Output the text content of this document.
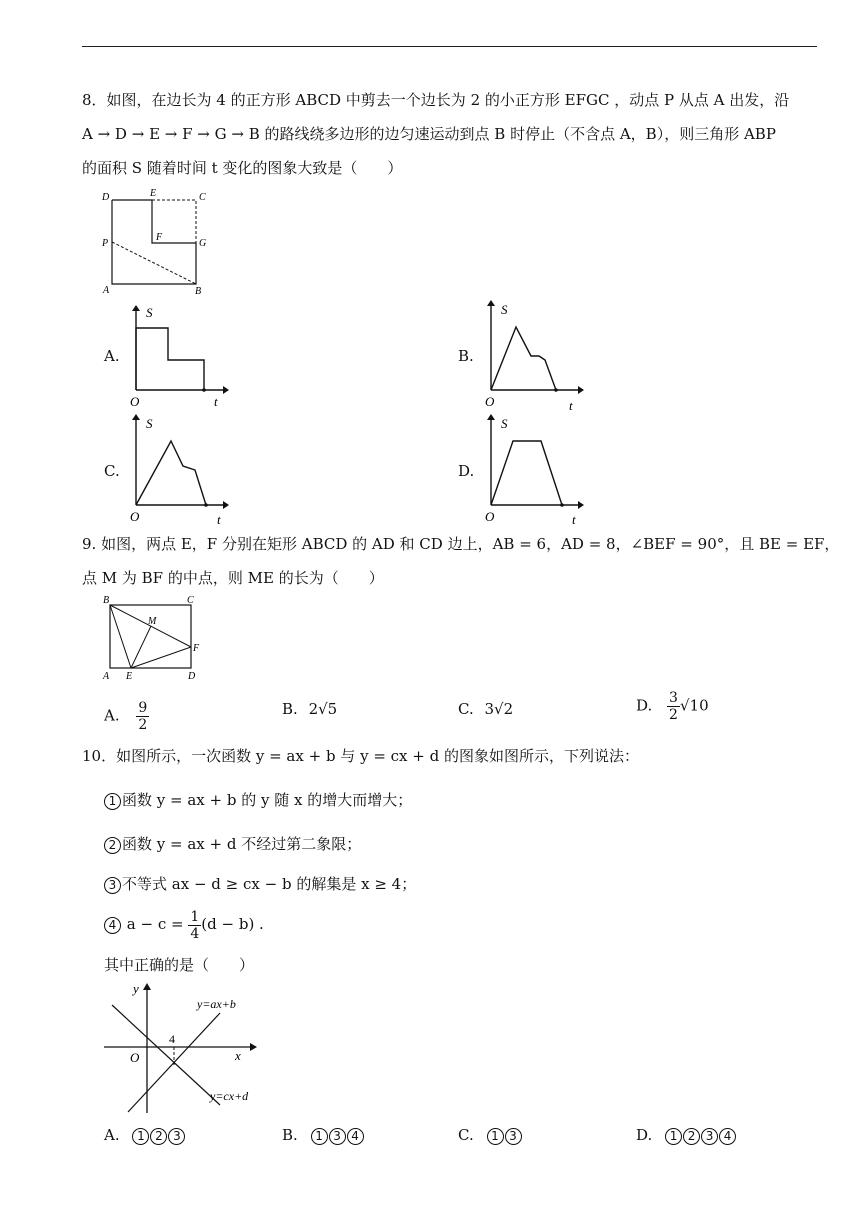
8．如图，在边长为 4 的正方形 ABCD 中剪去一个边长为 2 的小正方形 EFGC ，动点 P 从点 A 出发，沿
A → D → E → F → G → B 的路线绕多边形的边匀速运动到点 B 时停止（不含点 A，B），则三角形 ABP
的面积 S 随着时间 t 变化的图象大致是（　　）
D	E	C
P
F
G
A	B
A.
S
O	t
B.
S
O	t
C.
S
O	t
D.
S
O	t
9. 如图，两点 E，F 分别在矩形 ABCD 的 AD 和 CD 边上，AB = 6，AD = 8，∠BEF = 90°，且 BE = EF，
点 M 为 BF 的中点，则 ME 的长为（　　）
B	C
M
F
A E	D
A. $\frac{9}{2}$	B. 2√5	C. 3√2	D. $\frac{3}{2} √10$
10．如图所示，一次函数 y = ax + b 与 y = cx + d 的图象如图所示，下列说法：
1 函数 y = ax + b 的 y 随 x 的增大而增大；
2 函数 y = ax + d 不经过第二象限；
3 不等式 ax − d ≥ cx − b 的解集是 x ≥ 4；
4 $a - c = \frac{1}{4} (d - b)$ .
其中正确的是（　　）
y
x
O
4
y=ax+b
y=cx+d
A. 1 2 3	B. 1 3 4	C. 1 3	D. 1 2 3 4
